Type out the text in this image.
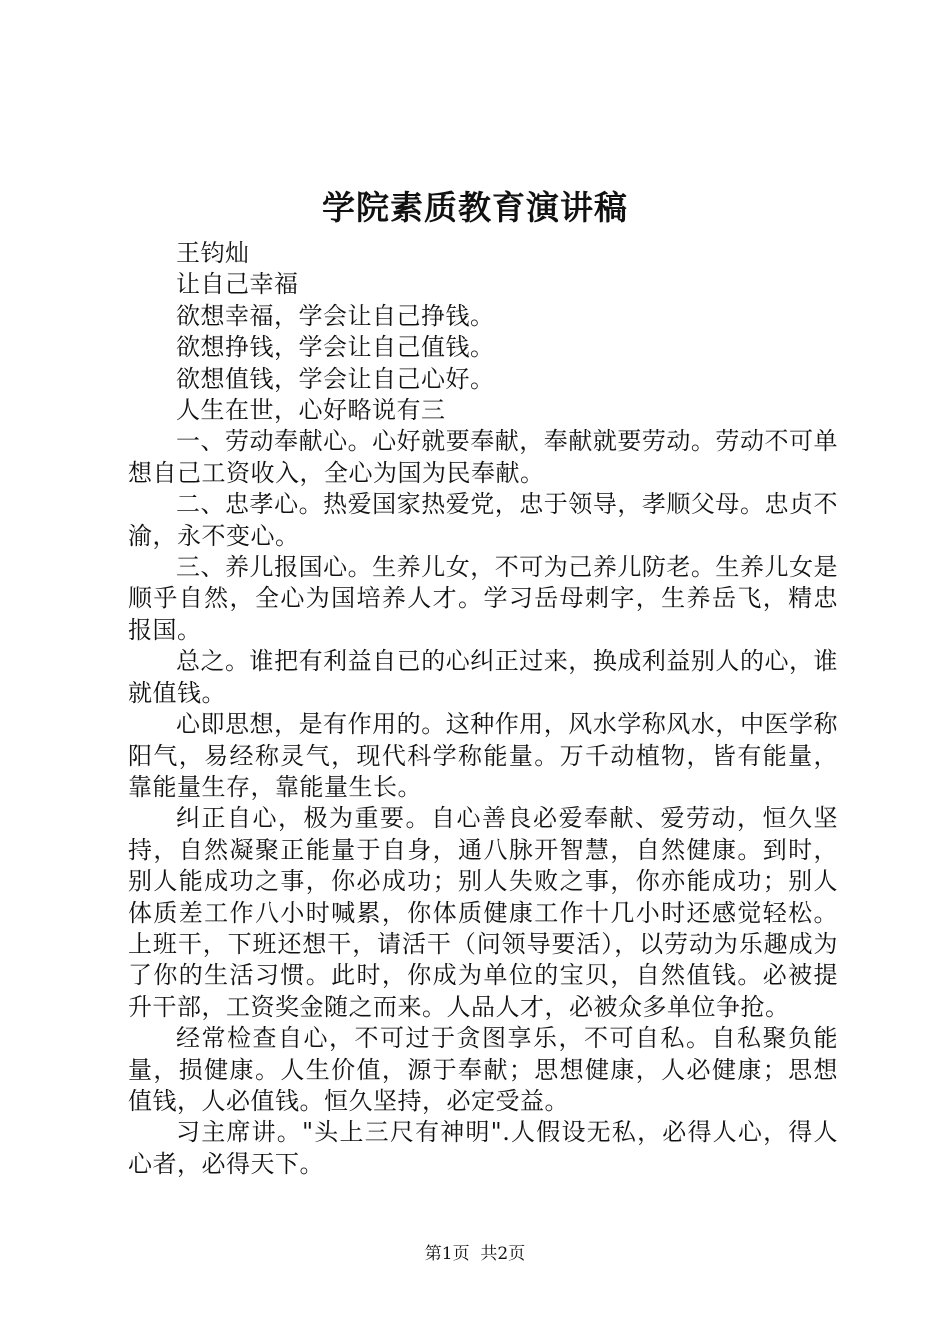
学院素质教育演讲稿

王钧灿

让自己幸福

欲想幸福，学会让自己挣钱。

欲想挣钱，学会让自己值钱。

欲想值钱，学会让自己心好。

人生在世，心好略说有三

一、劳动奉献心。心好就要奉献，奉献就要劳动。劳动不可单想自己工资收入，全心为国为民奉献。

二、忠孝心。热爱国家热爱党，忠于领导，孝顺父母。忠贞不渝，永不变心。

三、养儿报国心。生养儿女，不可为己养儿防老。生养儿女是顺乎自然，全心为国培养人才。学习岳母刺字，生养岳飞，精忠报国。

总之。谁把有利益自已的心纠正过来，换成利益别人的心，谁就值钱。

心即思想，是有作用的。这种作用，风水学称风水，中医学称阳气，易经称灵气，现代科学称能量。万千动植物，皆有能量，靠能量生存，靠能量生长。

纠正自心，极为重要。自心善良必爱奉献、爱劳动，恒久坚持，自然凝聚正能量于自身，通八脉开智慧，自然健康。到时，别人能成功之事，你必成功；别人失败之事，你亦能成功；别人体质差工作八小时喊累，你体质健康工作十几小时还感觉轻松。上班干，下班还想干，请活干（问领导要活），以劳动为乐趣成为了你的生活习惯。此时，你成为单位的宝贝，自然值钱。必被提升干部，工资奖金随之而来。人品人才，必被众多单位争抢。

经常检查自心，不可过于贪图享乐，不可自私。自私聚负能量，损健康。人生价值，源于奉献；思想健康，人必健康；思想值钱，人必值钱。恒久坚持，必定受益。

习主席讲。"头上三尺有神明".人假设无私，必得人心，得人心者，必得天下。

第1页 共2页
